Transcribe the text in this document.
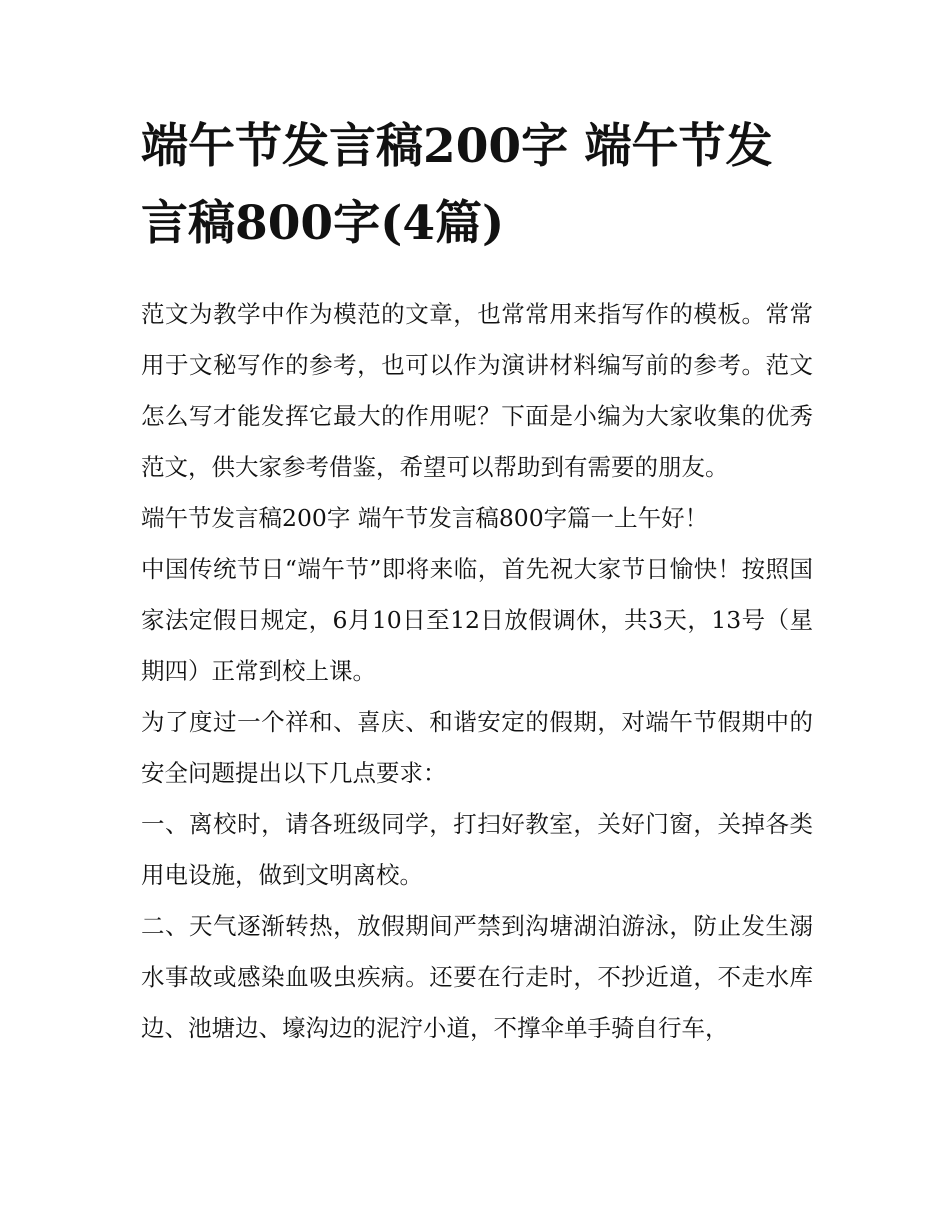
端午节发言稿200字 端午节发言稿800字(4篇)

范文为教学中作为模范的文章，也常常用来指写作的模板。常常用于文秘写作的参考，也可以作为演讲材料编写前的参考。范文怎么写才能发挥它最大的作用呢？下面是小编为大家收集的优秀范文，供大家参考借鉴，希望可以帮助到有需要的朋友。

端午节发言稿200字 端午节发言稿800字篇一上午好！

中国传统节日“端午节”即将来临，首先祝大家节日愉快！按照国家法定假日规定，6月10日至12日放假调休，共3天，13号（星期四）正常到校上课。

为了度过一个祥和、喜庆、和谐安定的假期，对端午节假期中的安全问题提出以下几点要求：

一、离校时，请各班级同学，打扫好教室，关好门窗，关掉各类用电设施，做到文明离校。

二、天气逐渐转热，放假期间严禁到沟塘湖泊游泳，防止发生溺水事故或感染血吸虫疾病。还要在行走时，不抄近道，不走水库边、池塘边、壕沟边的泥泞小道，不撑伞单手骑自行车，
